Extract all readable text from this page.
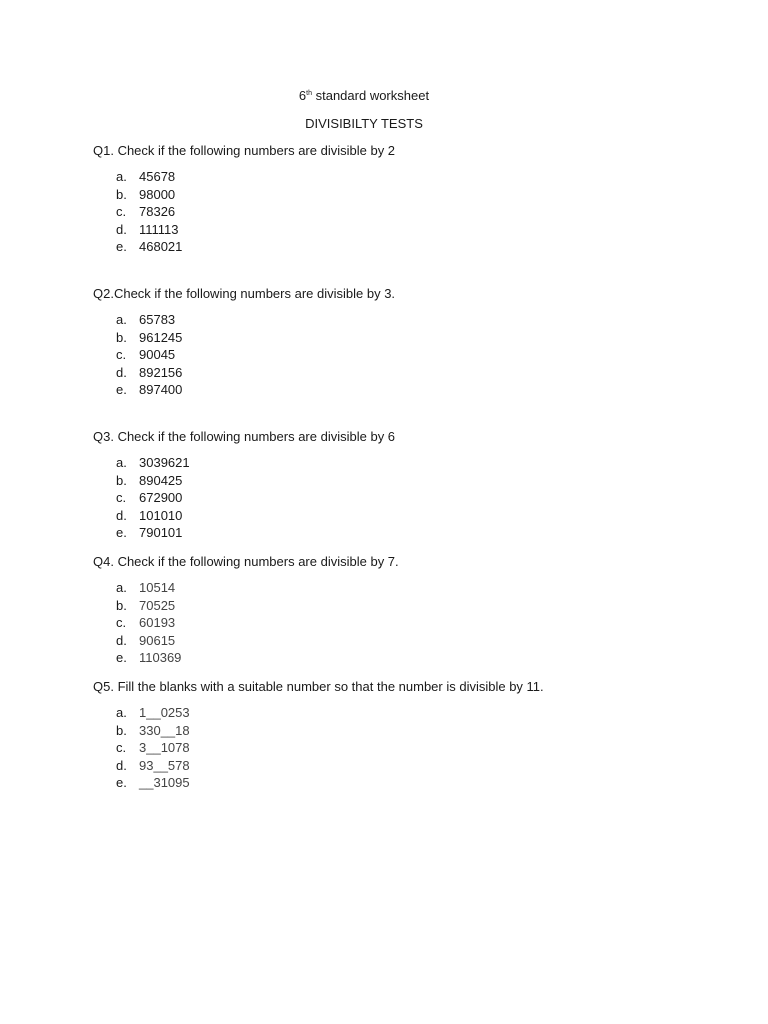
6th standard worksheet
DIVISIBILTY TESTS
Q1. Check if the following numbers are divisible by 2
a. 45678
b. 98000
c. 78326
d. 111113
e. 468021
Q2.Check if the following numbers are divisible by 3.
a. 65783
b. 961245
c. 90045
d. 892156
e. 897400
Q3. Check if the following numbers are divisible by 6
a. 3039621
b. 890425
c. 672900
d. 101010
e. 790101
Q4. Check if the following numbers are divisible by 7.
a. 10514
b. 70525
c. 60193
d. 90615
e. 110369
Q5. Fill the blanks with a suitable number so that the number is divisible by 11.
a. 1__0253
b. 330__18
c. 3__1078
d. 93__578
e. __31095
